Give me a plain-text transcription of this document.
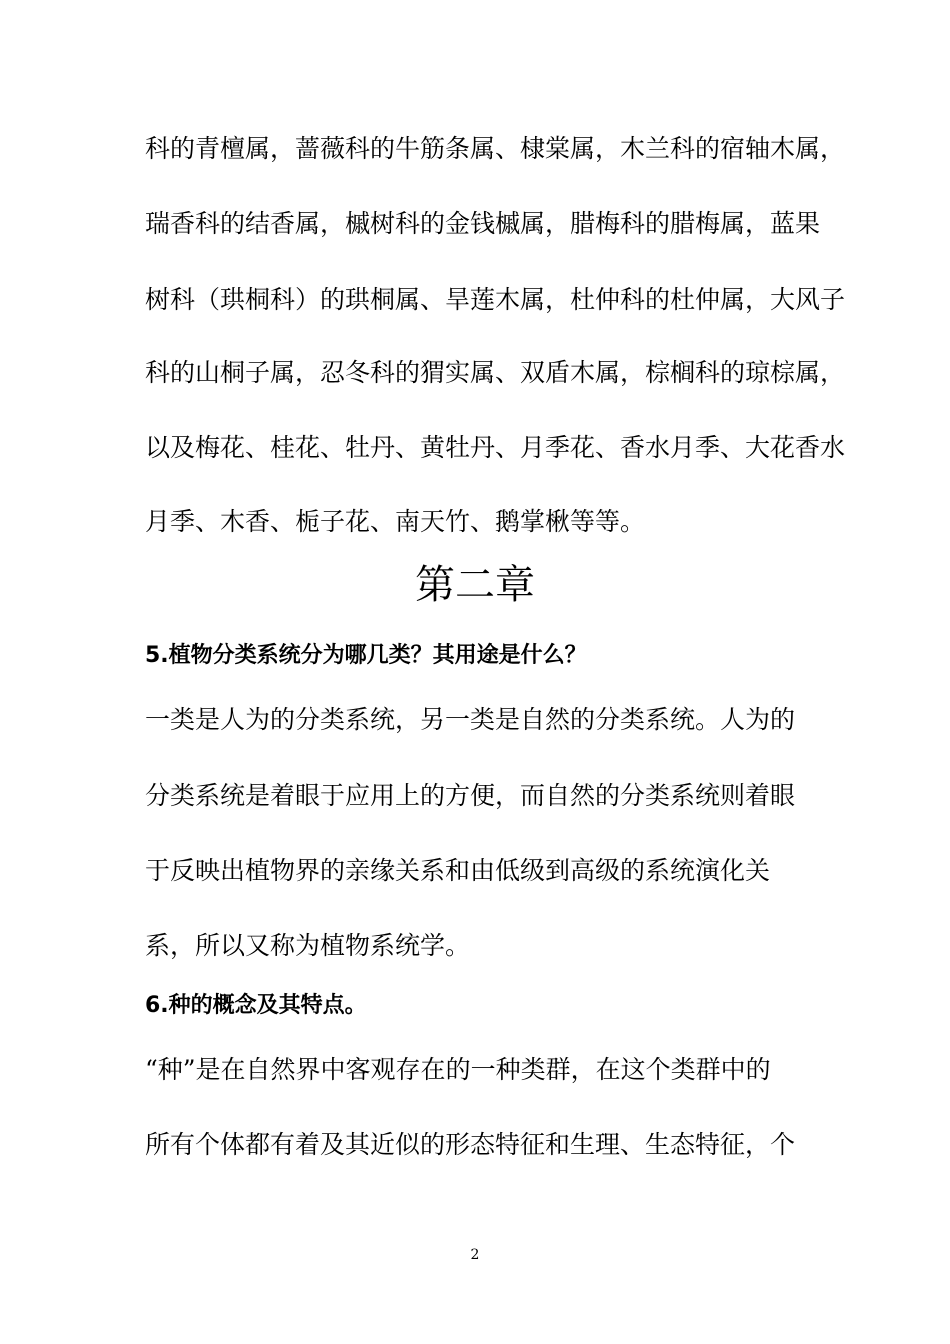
科的青檀属，蔷薇科的牛筋条属、棣棠属，木兰科的宿轴木属，

瑞香科的结香属，槭树科的金钱槭属，腊梅科的腊梅属，蓝果

树科（珙桐科）的珙桐属、旱莲木属，杜仲科的杜仲属，大风子

科的山桐子属，忍冬科的猬实属、双盾木属，棕榈科的琼棕属，

以及梅花、桂花、牡丹、黄牡丹、月季花、香水月季、大花香水

月季、木香、栀子花、南天竹、鹅掌楸等等。

第二章
5.植物分类系统分为哪几类？其用途是什么？

一类是人为的分类系统，另一类是自然的分类系统。人为的

分类系统是着眼于应用上的方便，而自然的分类系统则着眼

于反映出植物界的亲缘关系和由低级到高级的系统演化关

系，所以又称为植物系统学。

6.种的概念及其特点。

“种”是在自然界中客观存在的一种类群，在这个类群中的

所有个体都有着及其近似的形态特征和生理、生态特征，个

2
